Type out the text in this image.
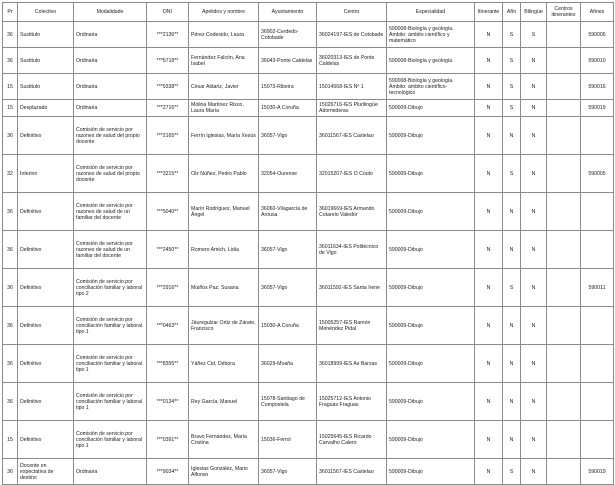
Pr	Colectivo	Modalidade	DNI	Apelidos y nombre	Ayuntamiento	Centro	Especialidad	Itinerante	Afín	Bilingüe	Centros itinerantes	Afines
36	Sustituto	Ordinaria	***2136**	Pérez Codesido, Laura	36902-Cerdedo-Cotobade	36024197-IES de Cotobade	590008-Biología y geología. Ámbito: ámbito científico y matemático	N	S	S		590006
36	Sustituto	Ordinaria	***5718**	Fernández Falcón, Ana Isabel	36043-Ponte Caldelas	36020313-IES de Ponte Caldelas	590008-Biología y geología	N	S	N		590010
15	Sustituto	Ordinaria	***9338**	César Aldariz, Javier	15073-Ribeira	15014568-IES Nº 1	590008-Biología y geología. Ámbito: ámbito científico-tecnológico	N	S	N		590016
15	Desplazado	Ordinaria	***2716**	Molina Martínez Risco, Laura María	15030-A Coruña	15026716-IES Plurilingüe Adormideras	590009-Dibujo	N	S	N		590019
36	Definitivo	Comisión de servicio por razones de salud del propio docente	***2165**	Ferrín Iglesias, María Xesús	36057-Vigo	36011567-IES Castelao	590009-Dibujo	N	N	N		
32	Interino	Comisión de servicio por razones de salud del propio docente	***3215**	Olz Núñez, Pedro Pablo	32054-Ourense	32015207-IES O Couto	590009-Dibujo	N	S	N		590005
36	Definitivo	Comisión de servicio por razones de salud de un familiar del docente	***5040**	Marín Rodríguez, Manuel Ángel	36060-Vilagarcía de Arousa	36019669-IES Armando Cotarelo Valedor	590009-Dibujo	N	N	N		
36	Definitivo	Comisión de servicio por razones de salud de un familiar del docente	***2450**	Romero Amich, Lidia	36057-Vigo	36011634-IES Politécnico de Vigo	590009-Dibujo	N	N	N		
36	Definitivo	Comisión de servicio por conciliación familiar y laboral tipo 2	***2916**	Muiños Paz, Susana	36057-Vigo	36011592-IES Santa Irene	590009-Dibujo	N	S	N		590011
36	Definitivo	Comisión de servicio por conciliación familiar y laboral tipo 1	***0463**	Jáuregulzar Ortiz de Zárate, Francisco	15030-A Coruña	15005257-IES Ramón Menéndez Pidal	590009-Dibujo	N	N	N		
36	Definitivo	Comisión de servicio por conciliación familiar y laboral tipo 1	***8355**	Yáñez Cid, Débora	36029-Moaña	36018999-IES As Barxas	590009-Dibujo	N	N	N		
36	Definitivo	Comisión de servicio por conciliación familiar y laboral tipo 1	***0134**	Rey García, Manuel	15078-Santiago de Compostela	15025712-IES Antonio Fraguas Fraguas	590009-Dibujo	N	N	N		
15	Definitivo	Comisión de servicio por conciliación familiar y laboral tipo 1	***0391**	Bravo Fernández, María Cristina	15036-Ferrol	15025645-IES Ricardo Carvalho Calero	590009-Dibujo	N	N	N		
36	Docente en expectativa de destino	Ordinaria	***9034**	Iglesias González, Mario Alfonso	36057-Vigo	36011567-IES Castelao	590009-Dibujo	N	S	N		590019
